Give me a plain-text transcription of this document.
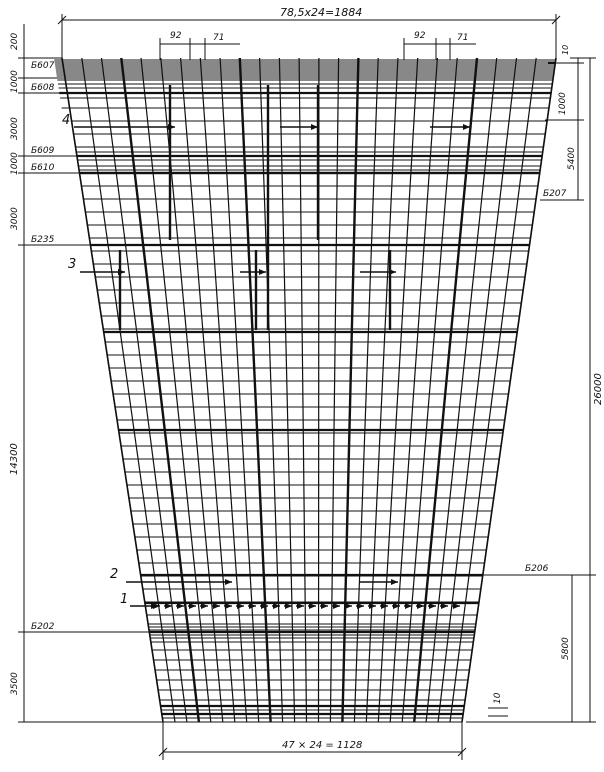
78,5x24=1884
92	71	92	71
200
1000
3000
1000
3000
14300
3500
Б607
Б608
Б609
Б610
Б235
Б202
10
1000
5400
26000
5800
10
Б207
Б206
47 × 24 = 1128
4
3
2
1
